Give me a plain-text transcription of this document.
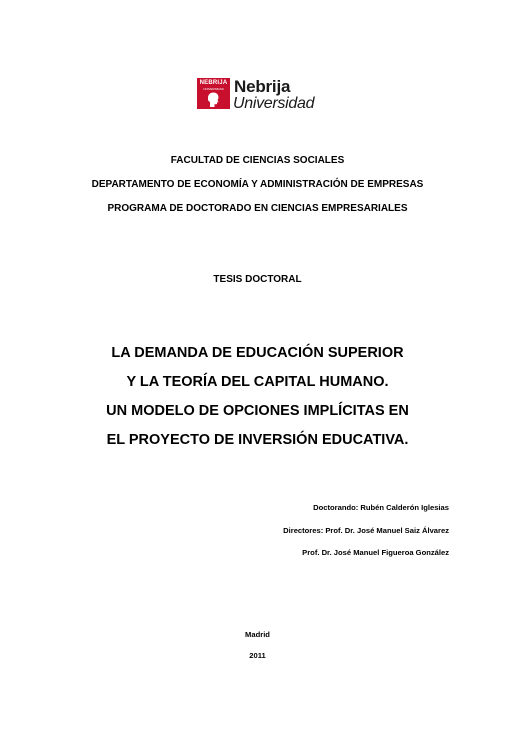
NEBRIJA
UNIVERSIDAD Nebrija
Universidad
FACULTAD DE CIENCIAS SOCIALES
DEPARTAMENTO DE ECONOMÍA Y ADMINISTRACIÓN DE EMPRESAS
PROGRAMA DE DOCTORADO EN CIENCIAS EMPRESARIALES
TESIS DOCTORAL
LA DEMANDA DE EDUCACIÓN SUPERIOR
Y LA TEORÍA DEL CAPITAL HUMANO.
UN MODELO DE OPCIONES IMPLÍCITAS EN
EL PROYECTO DE INVERSIÓN EDUCATIVA.
Doctorando: Rubén Calderón Iglesias
Directores: Prof. Dr. José Manuel Saiz Álvarez
Prof. Dr. José Manuel Figueroa González
Madrid
2011
